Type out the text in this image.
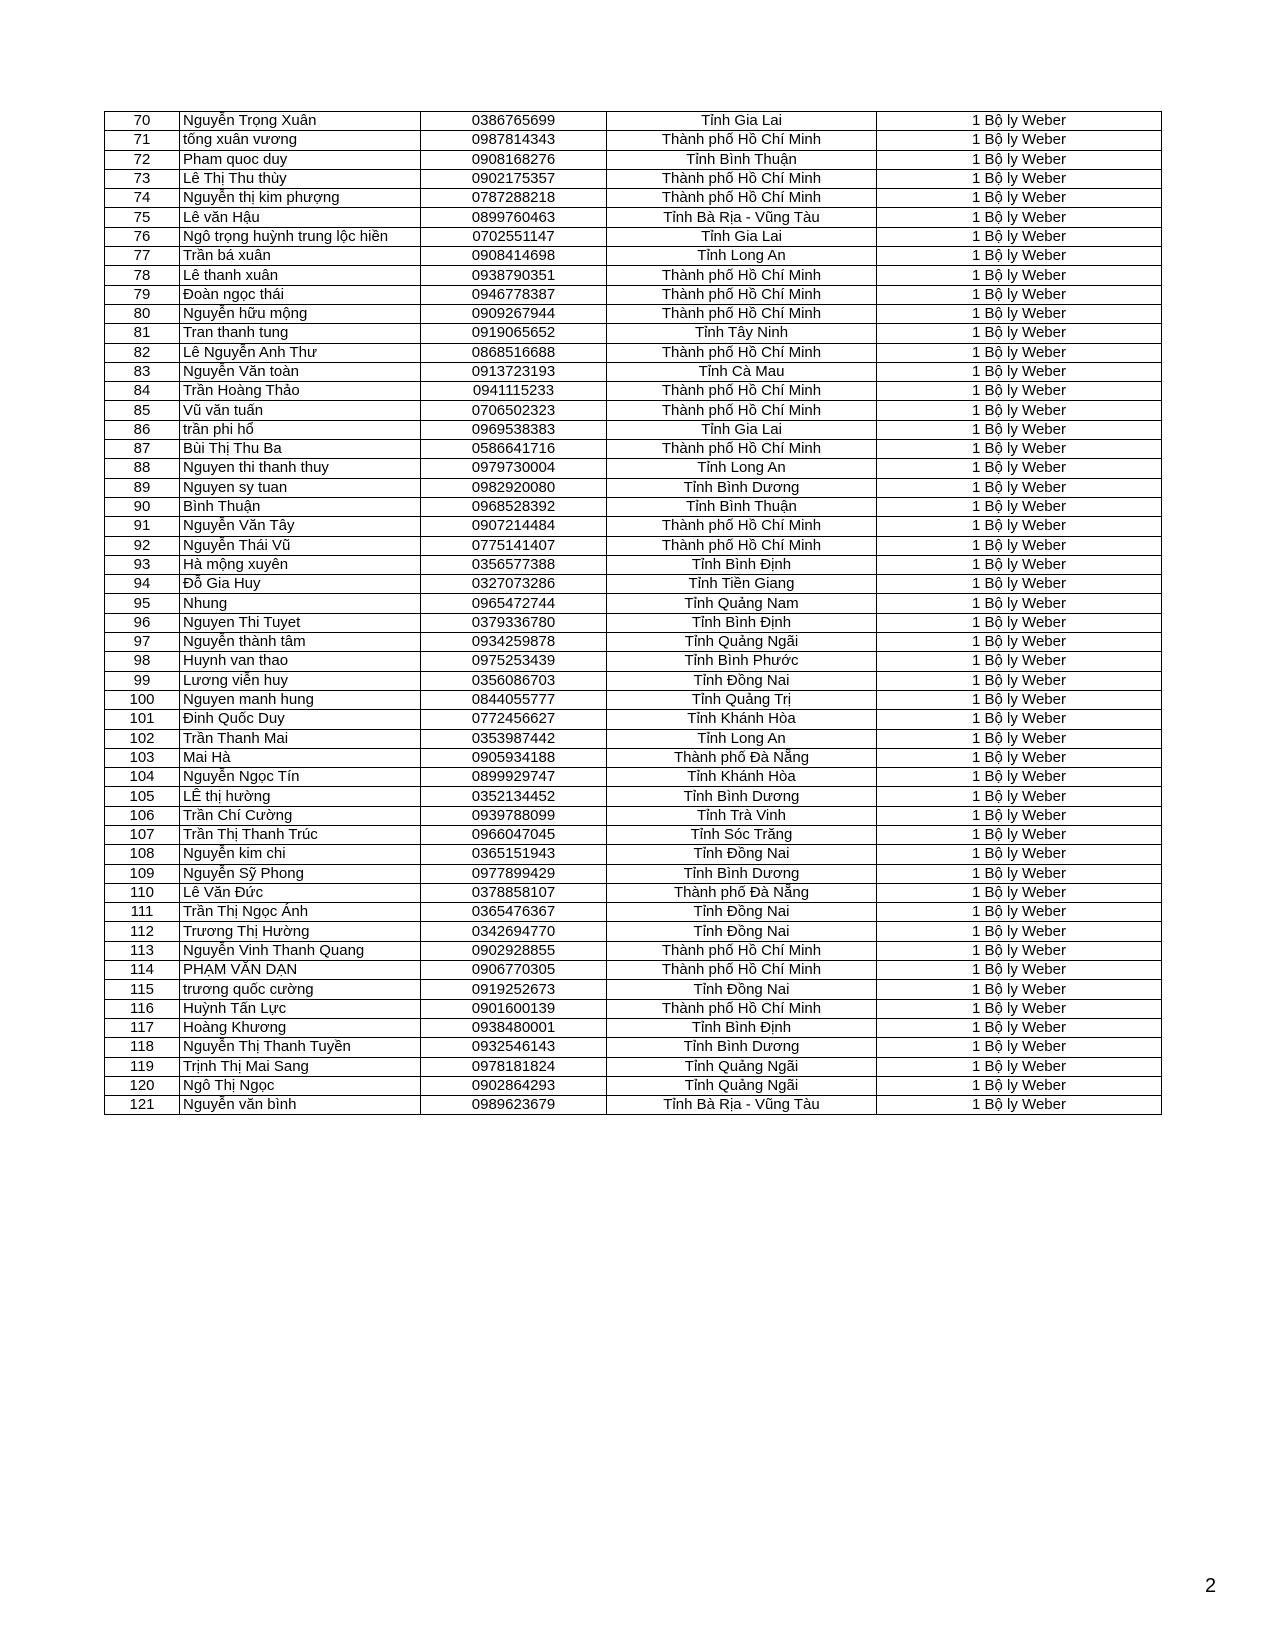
70	Nguyễn Trọng Xuân	0386765699	Tỉnh Gia Lai	1 Bộ ly Weber
71	tống xuân vương	0987814343	Thành phố Hồ Chí Minh	1 Bộ ly Weber
72	Pham quoc duy	0908168276	Tỉnh Bình Thuận	1 Bộ ly Weber
73	Lê Thị Thu thùy	0902175357	Thành phố Hồ Chí Minh	1 Bộ ly Weber
74	Nguyễn thị kim phượng	0787288218	Thành phố Hồ Chí Minh	1 Bộ ly Weber
75	Lê văn Hậu	0899760463	Tỉnh Bà Rịa - Vũng Tàu	1 Bộ ly Weber
76	Ngô trọng huỳnh trung lộc hiền	0702551147	Tỉnh Gia Lai	1 Bộ ly Weber
77	Trần bá xuân	0908414698	Tỉnh Long An	1 Bộ ly Weber
78	Lê thanh xuân	0938790351	Thành phố Hồ Chí Minh	1 Bộ ly Weber
79	Đoàn ngọc thái	0946778387	Thành phố Hồ Chí Minh	1 Bộ ly Weber
80	Nguyễn hữu mộng	0909267944	Thành phố Hồ Chí Minh	1 Bộ ly Weber
81	Tran thanh tung	0919065652	Tỉnh Tây Ninh	1 Bộ ly Weber
82	Lê Nguyễn Anh Thư	0868516688	Thành phố Hồ Chí Minh	1 Bộ ly Weber
83	Nguyễn Văn toàn	0913723193	Tỉnh Cà Mau	1 Bộ ly Weber
84	Trần Hoàng Thảo	0941115233	Thành phố Hồ Chí Minh	1 Bộ ly Weber
85	Vũ văn tuấn	0706502323	Thành phố Hồ Chí Minh	1 Bộ ly Weber
86	trần phi hổ	0969538383	Tỉnh Gia Lai	1 Bộ ly Weber
87	Bùi Thị Thu Ba	0586641716	Thành phố Hồ Chí Minh	1 Bộ ly Weber
88	Nguyen thi thanh thuy	0979730004	Tỉnh Long An	1 Bộ ly Weber
89	Nguyen sy tuan	0982920080	Tỉnh Bình Dương	1 Bộ ly Weber
90	Bình Thuận	0968528392	Tỉnh Bình Thuận	1 Bộ ly Weber
91	Nguyễn Văn Tây	0907214484	Thành phố Hồ Chí Minh	1 Bộ ly Weber
92	Nguyễn Thái Vũ	0775141407	Thành phố Hồ Chí Minh	1 Bộ ly Weber
93	Hà mộng xuyên	0356577388	Tỉnh Bình Định	1 Bộ ly Weber
94	Đỗ Gia Huy	0327073286	Tỉnh Tiền Giang	1 Bộ ly Weber
95	Nhung	0965472744	Tỉnh Quảng Nam	1 Bộ ly Weber
96	Nguyen Thi Tuyet	0379336780	Tỉnh Bình Định	1 Bộ ly Weber
97	Nguyễn thành tâm	0934259878	Tỉnh Quảng Ngãi	1 Bộ ly Weber
98	Huynh van thao	0975253439	Tỉnh Bình Phước	1 Bộ ly Weber
99	Lương viễn huy	0356086703	Tỉnh Đồng Nai	1 Bộ ly Weber
100	Nguyen manh hung	0844055777	Tỉnh Quảng Trị	1 Bộ ly Weber
101	Đinh Quốc Duy	0772456627	Tỉnh Khánh Hòa	1 Bộ ly Weber
102	Trần Thanh Mai	0353987442	Tỉnh Long An	1 Bộ ly Weber
103	Mai Hà	0905934188	Thành phố Đà Nẵng	1 Bộ ly Weber
104	Nguyễn Ngọc Tín	0899929747	Tỉnh Khánh Hòa	1 Bộ ly Weber
105	LÊ thị hường	0352134452	Tỉnh Bình Dương	1 Bộ ly Weber
106	Trần Chí Cường	0939788099	Tỉnh Trà Vinh	1 Bộ ly Weber
107	Trần Thị Thanh Trúc	0966047045	Tỉnh Sóc Trăng	1 Bộ ly Weber
108	Nguyễn kim chi	0365151943	Tỉnh Đồng Nai	1 Bộ ly Weber
109	Nguyễn Sỹ Phong	0977899429	Tỉnh Bình Dương	1 Bộ ly Weber
110	Lê Văn Đức	0378858107	Thành phố Đà Nẵng	1 Bộ ly Weber
111	Trần Thị Ngọc Ánh	0365476367	Tỉnh Đồng Nai	1 Bộ ly Weber
112	Trương Thị Hường	0342694770	Tỉnh Đồng Nai	1 Bộ ly Weber
113	Nguyễn Vinh Thanh Quang	0902928855	Thành phố Hồ Chí Minh	1 Bộ ly Weber
114	PHẠM VĂN DẠN	0906770305	Thành phố Hồ Chí Minh	1 Bộ ly Weber
115	trương quốc cường	0919252673	Tỉnh Đồng Nai	1 Bộ ly Weber
116	Huỳnh Tấn Lực	0901600139	Thành phố Hồ Chí Minh	1 Bộ ly Weber
117	Hoàng Khương	0938480001	Tỉnh Bình Định	1 Bộ ly Weber
118	Nguyễn Thị Thanh Tuyền	0932546143	Tỉnh Bình Dương	1 Bộ ly Weber
119	Trịnh Thị Mai Sang	0978181824	Tỉnh Quảng Ngãi	1 Bộ ly Weber
120	Ngô Thị Ngọc	0902864293	Tỉnh Quảng Ngãi	1 Bộ ly Weber
121	Nguyễn văn bình	0989623679	Tỉnh Bà Rịa - Vũng Tàu	1 Bộ ly Weber
2
